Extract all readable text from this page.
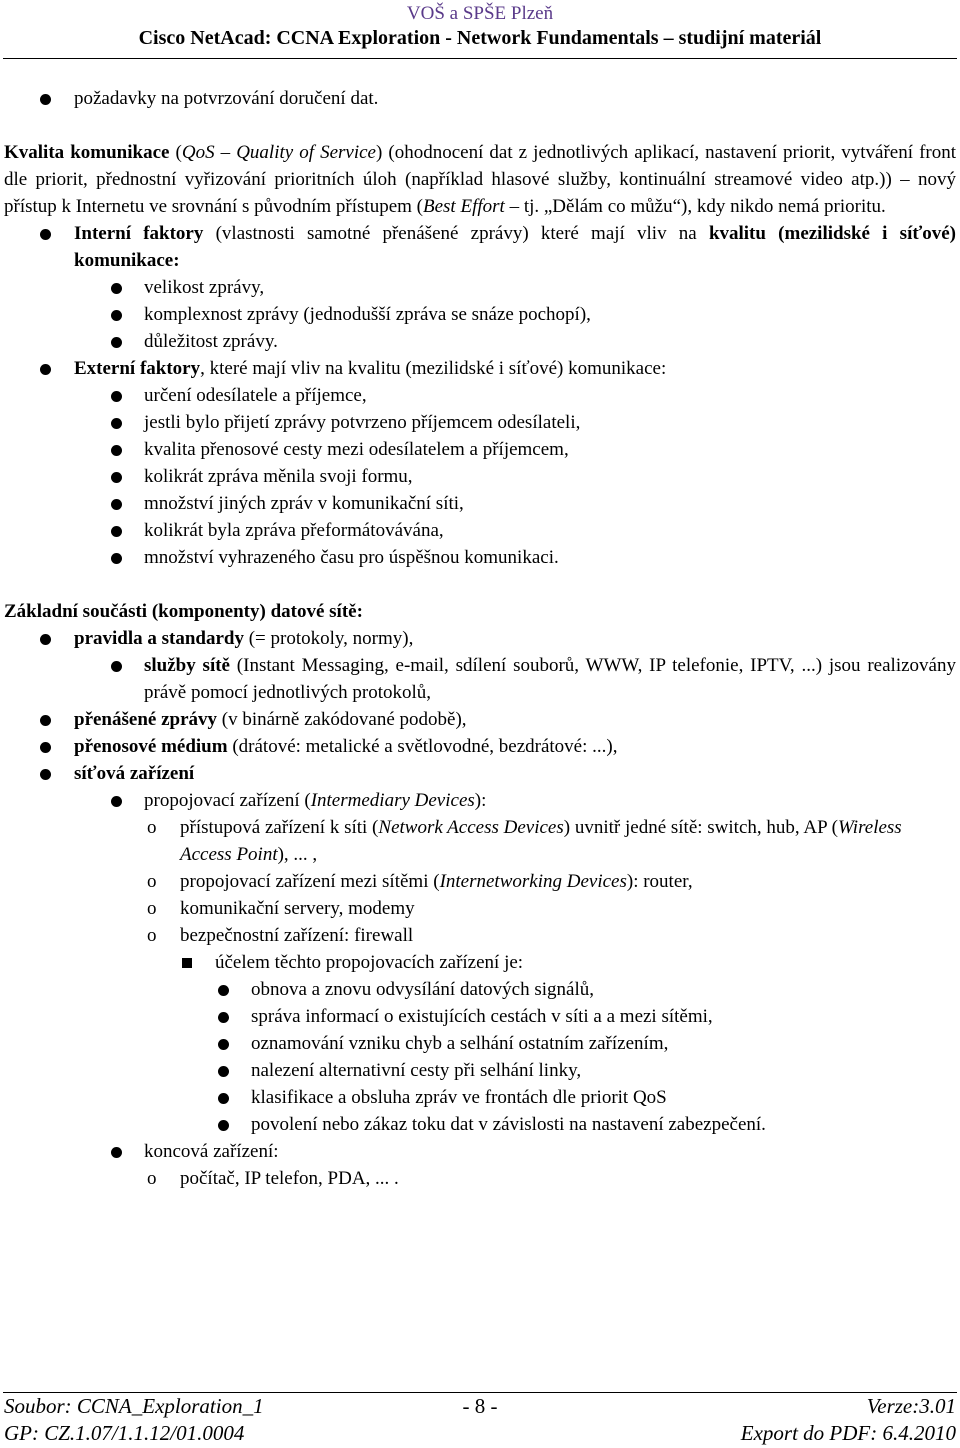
VOŠ a SPŠE Plzeň
Cisco NetAcad: CCNA Exploration - Network Fundamentals – studijní materiál
požadavky na potvrzování doručení dat.

Kvalita komunikace (QoS – Quality of Service) (ohodnocení dat z jednotlivých aplikací, nastavení priorit, vytváření front dle priorit, přednostní vyřizování prioritních úloh (například hlasové služby, kontinuální streamové video atp.)) – nový přístup k Internetu ve srovnání s původním přístupem (Best Effort – tj. „Dělám co můžu“), kdy nikdo nemá prioritu.

Interní faktory (vlastnosti samotné přenášené zprávy) které mají vliv na kvalitu (mezilidské i síťové) komunikace:
velikost zprávy,
komplexnost zprávy (jednodušší zpráva se snáze pochopí),
důležitost zprávy.
Externí faktory, které mají vliv na kvalitu (mezilidské i síťové) komunikace:
určení odesílatele a příjemce,
jestli bylo přijetí zprávy potvrzeno příjemcem odesílateli,
kvalita přenosové cesty mezi odesílatelem a příjemcem,
kolikrát zpráva měnila svoji formu,
množství jiných zpráv v komunikační síti,
kolikrát byla zpráva přeformátovávána,
množství vyhrazeného času pro úspěšnou komunikaci.

Základní součásti (komponenty) datové sítě:

pravidla a standardy (= protokoly, normy),
služby sítě (Instant Messaging, e-mail, sdílení souborů, WWW, IP telefonie, IPTV, ...) jsou realizovány právě pomocí jednotlivých protokolů,
přenášené zprávy (v binárně zakódované podobě),
přenosové médium (drátové: metalické a světlovodné, bezdrátové: ...),
síťová zařízení
propojovací zařízení (Intermediary Devices):
o přístupová zařízení k síti (Network Access Devices) uvnitř jedné sítě: switch, hub, AP (Wireless Access Point), ... ,
o propojovací zařízení mezi sítěmi (Internetworking Devices): router,
o komunikační servery, modemy
o bezpečnostní zařízení: firewall
účelem těchto propojovacích zařízení je:
obnova a znovu odvysílání datových signálů,
správa informací o existujících cestách v síti a a mezi sítěmi,
oznamování vzniku chyb a selhání ostatním zařízením,
nalezení alternativní cesty při selhání linky,
klasifikace a obsluha zpráv ve frontách dle priorit QoS
povolení nebo zákaz toku dat v závislosti na nastavení zabezpečení.
koncová zařízení:
o počítač, IP telefon, PDA, ... .
Soubor: CCNA_Exploration_1	- 8 -	Verze:3.01
GP: CZ.1.07/1.1.12/01.0004	Export do PDF: 6.4.2010
